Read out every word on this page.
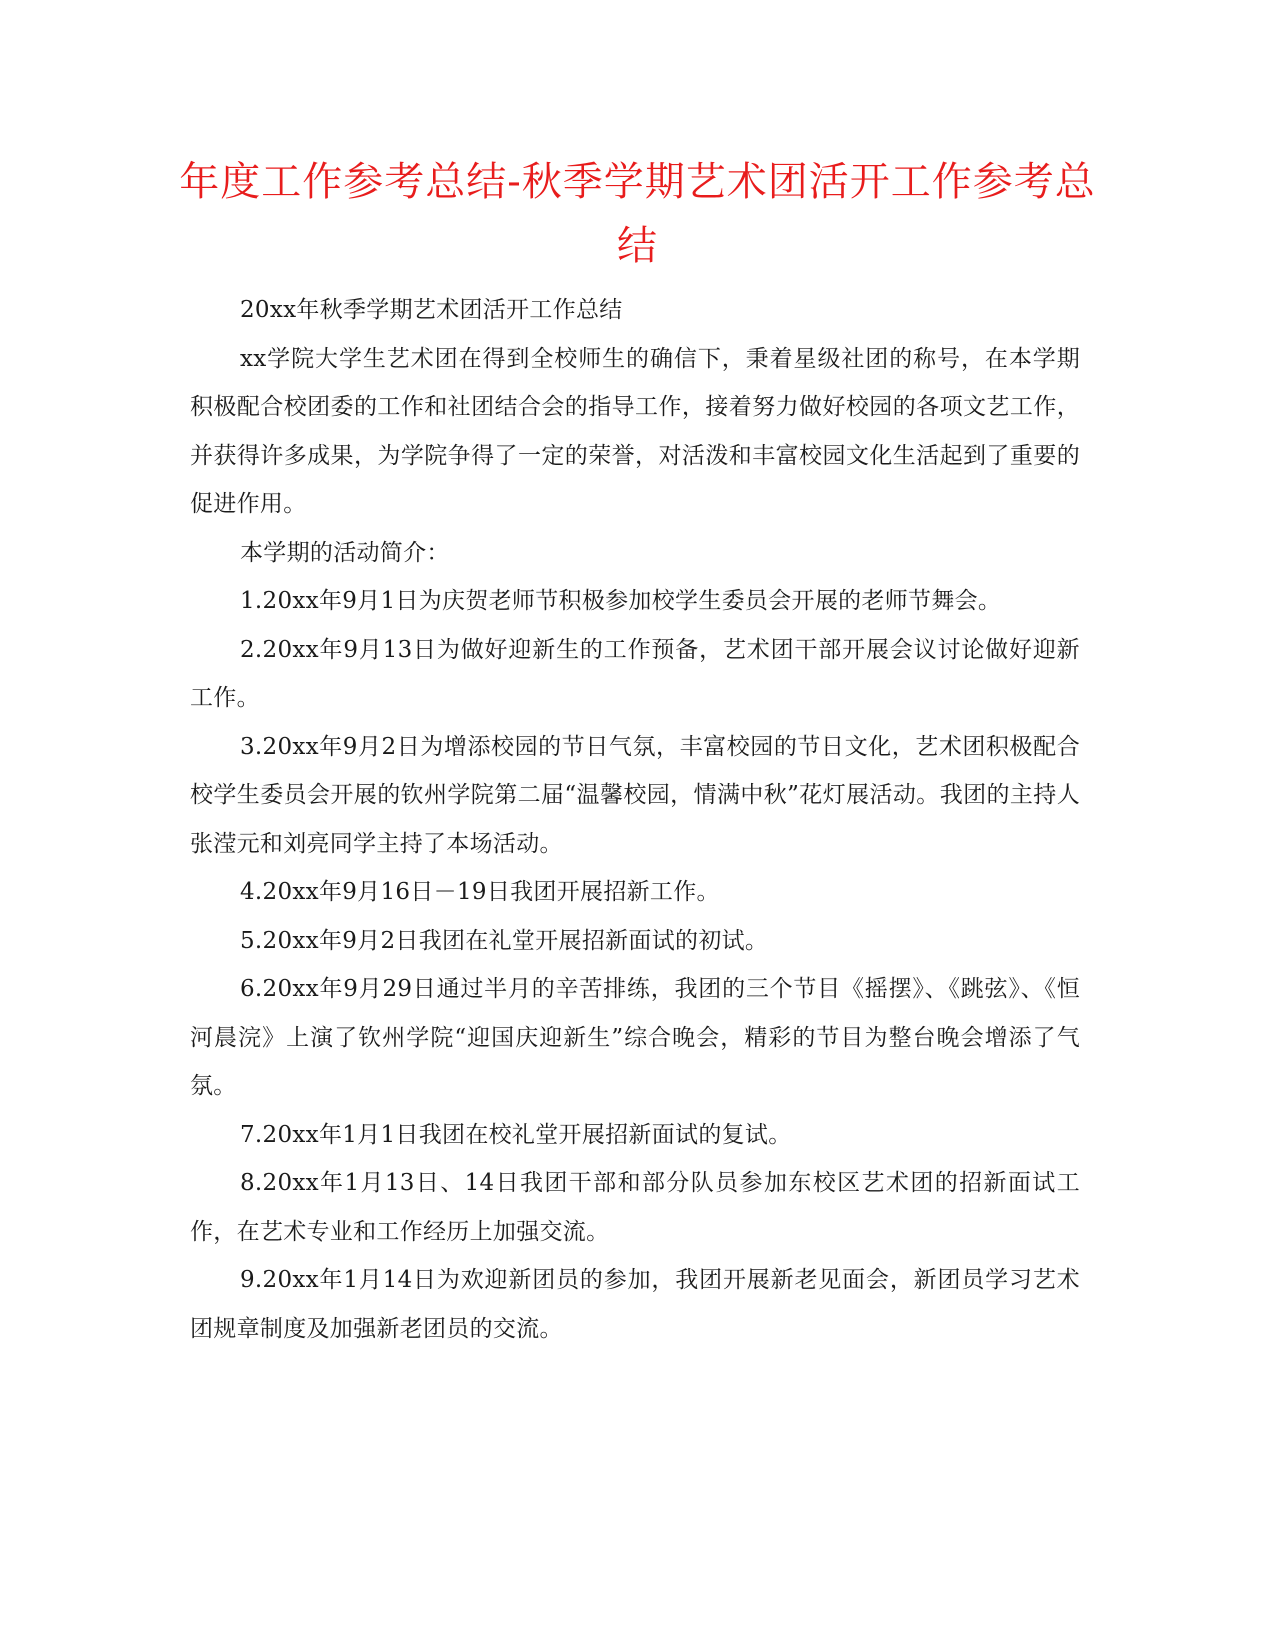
年度工作参考总结-秋季学期艺术团活开工作参考总结

20xx年秋季学期艺术团活开工作总结

xx学院大学生艺术团在得到全校师生的确信下，秉着星级社团的称号，在本学期积极配合校团委的工作和社团结合会的指导工作，接着努力做好校园的各项文艺工作，并获得许多成果，为学院争得了一定的荣誉，对活泼和丰富校园文化生活起到了重要的促进作用。

本学期的活动简介：

1.20xx年9月1日为庆贺老师节积极参加校学生委员会开展的老师节舞会。

2.20xx年9月13日为做好迎新生的工作预备，艺术团干部开展会议讨论做好迎新工作。

3.20xx年9月2日为增添校园的节日气氛，丰富校园的节日文化，艺术团积极配合校学生委员会开展的钦州学院第二届“温馨校园，情满中秋”花灯展活动。我团的主持人张滢元和刘亮同学主持了本场活动。

4.20xx年9月16日－19日我团开展招新工作。

5.20xx年9月2日我团在礼堂开展招新面试的初试。

6.20xx年9月29日通过半月的辛苦排练，我团的三个节目《摇摆》、《跳弦》、《恒河晨浣》上演了钦州学院“迎国庆迎新生”综合晚会，精彩的节目为整台晚会增添了气氛。

7.20xx年1月1日我团在校礼堂开展招新面试的复试。

8.20xx年1月13日、14日我团干部和部分队员参加东校区艺术团的招新面试工作，在艺术专业和工作经历上加强交流。

9.20xx年1月14日为欢迎新团员的参加，我团开展新老见面会，新团员学习艺术团规章制度及加强新老团员的交流。
